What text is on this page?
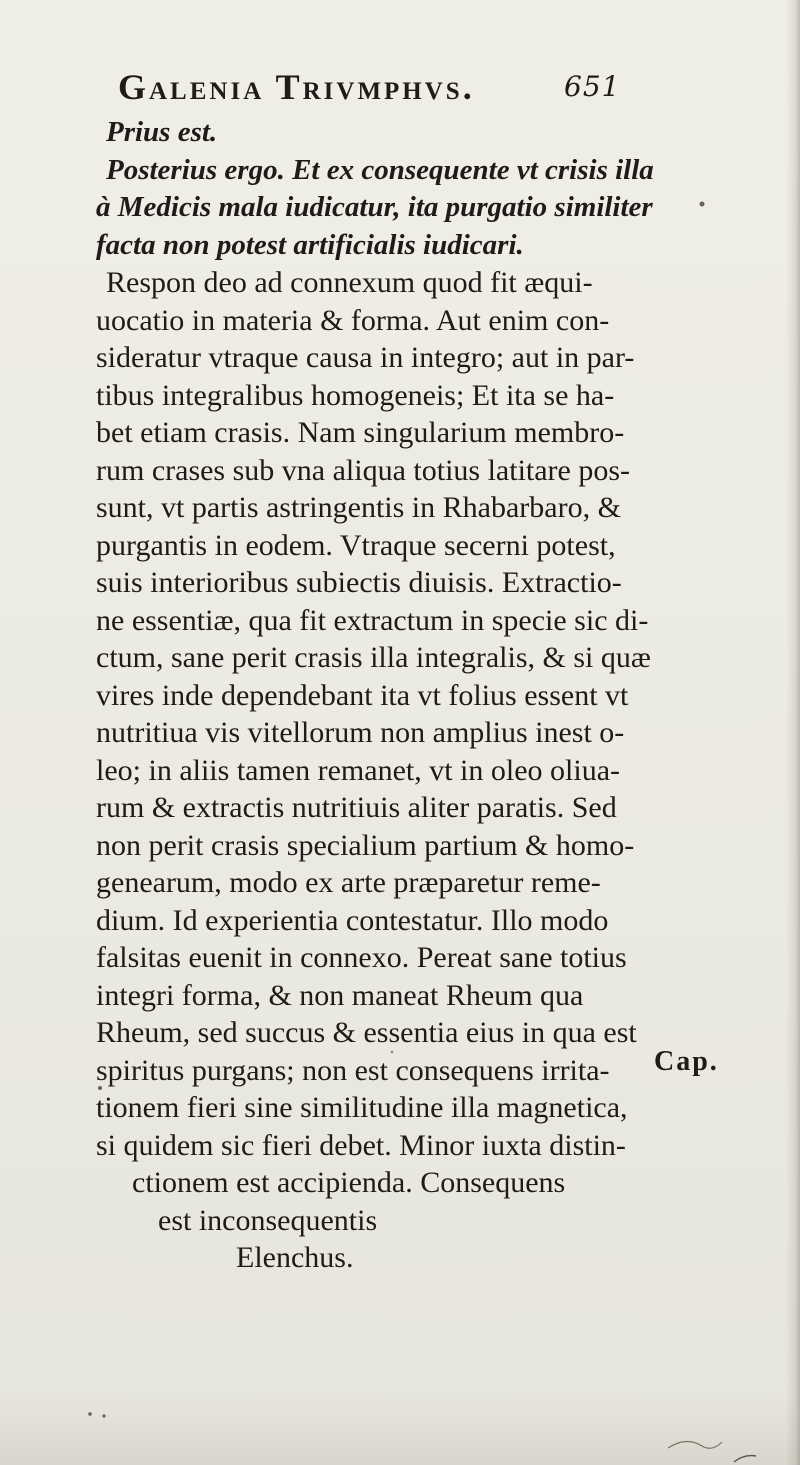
Galenia Trivmphvs.	651
Prius est.
Posterius ergo. Et ex consequente vt crisis illa
à Medicis mala iudicatur, ita purgatio similiter
facta non potest artificialis iudicari.
Respon deo ad connexum quod fit æqui-
uocatio in materia & forma. Aut enim con-
sideratur vtraque causa in integro; aut in par-
tibus integralibus homogeneis; Et ita se ha-
bet etiam crasis. Nam singularium membro-
rum crases sub vna aliqua totius latitare pos-
sunt, vt partis astringentis in Rhabarbaro, &
purgantis in eodem. Vtraque secerni potest,
suis interioribus subiectis diuisis. Extractio-
ne essentiæ, qua fit extractum in specie sic di-
ctum, sane perit crasis illa integralis, & si quæ
vires inde dependebant ita vt folius essent vt
nutritiua vis vitellorum non amplius inest o-
leo; in aliis tamen remanet, vt in oleo oliua-
rum & extractis nutritiuis aliter paratis. Sed
non perit crasis specialium partium & homo-
genearum, modo ex arte præparetur reme-
dium. Id experientia contestatur. Illo modo
falsitas euenit in connexo. Pereat sane totius
integri forma, & non maneat Rheum qua
Rheum, sed succus & essentia eius in qua est
spiritus purgans; non est consequens irrita-
tionem fieri sine similitudine illa magnetica,
si quidem sic fieri debet. Minor iuxta distin-
ctionem est accipienda. Consequens
est inconsequentis
Elenchus.
Cap.
